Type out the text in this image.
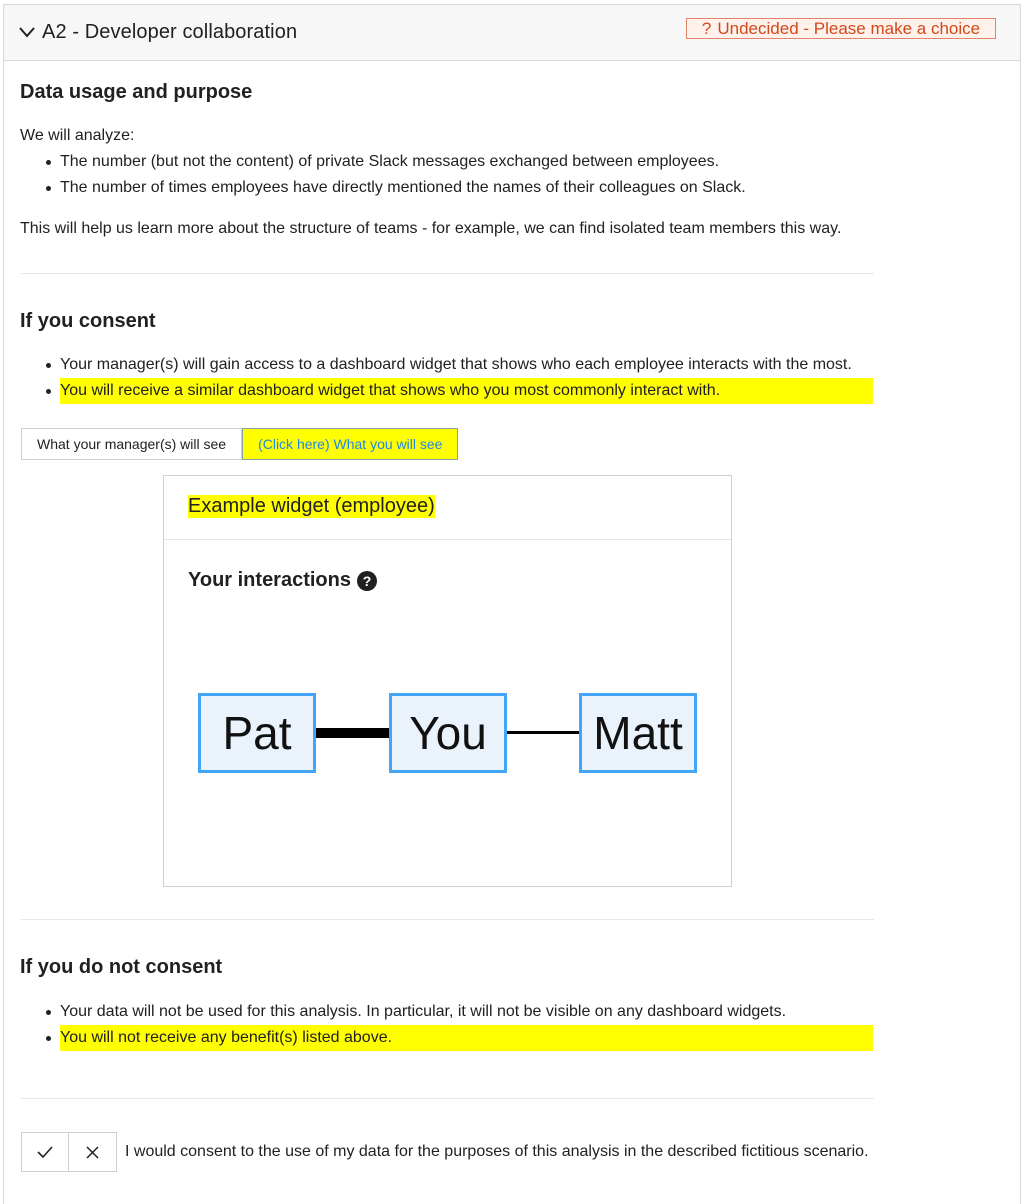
A2 - Developer collaboration	? Undecided - Please make a choice
Data usage and purpose

We will analyze:

The number (but not the content) of private Slack messages exchanged between employees.
The number of times employees have directly mentioned the names of their colleagues on Slack.

This will help us learn more about the structure of teams - for example, we can find isolated team members this way.

If you consent
Your manager(s) will gain access to a dashboard widget that shows who each employee interacts with the most.
You will receive a similar dashboard widget that shows who you most commonly interact with.
What your manager(s) will see	(Click here) What you will see
Example widget (employee)
Your interactions ?
Pat	You	Matt
If you do not consent
Your data will not be used for this analysis. In particular, it will not be visible on any dashboard widgets.
You will not receive any benefit(s) listed above.
I would consent to the use of my data for the purposes of this analysis in the described fictitious scenario.
